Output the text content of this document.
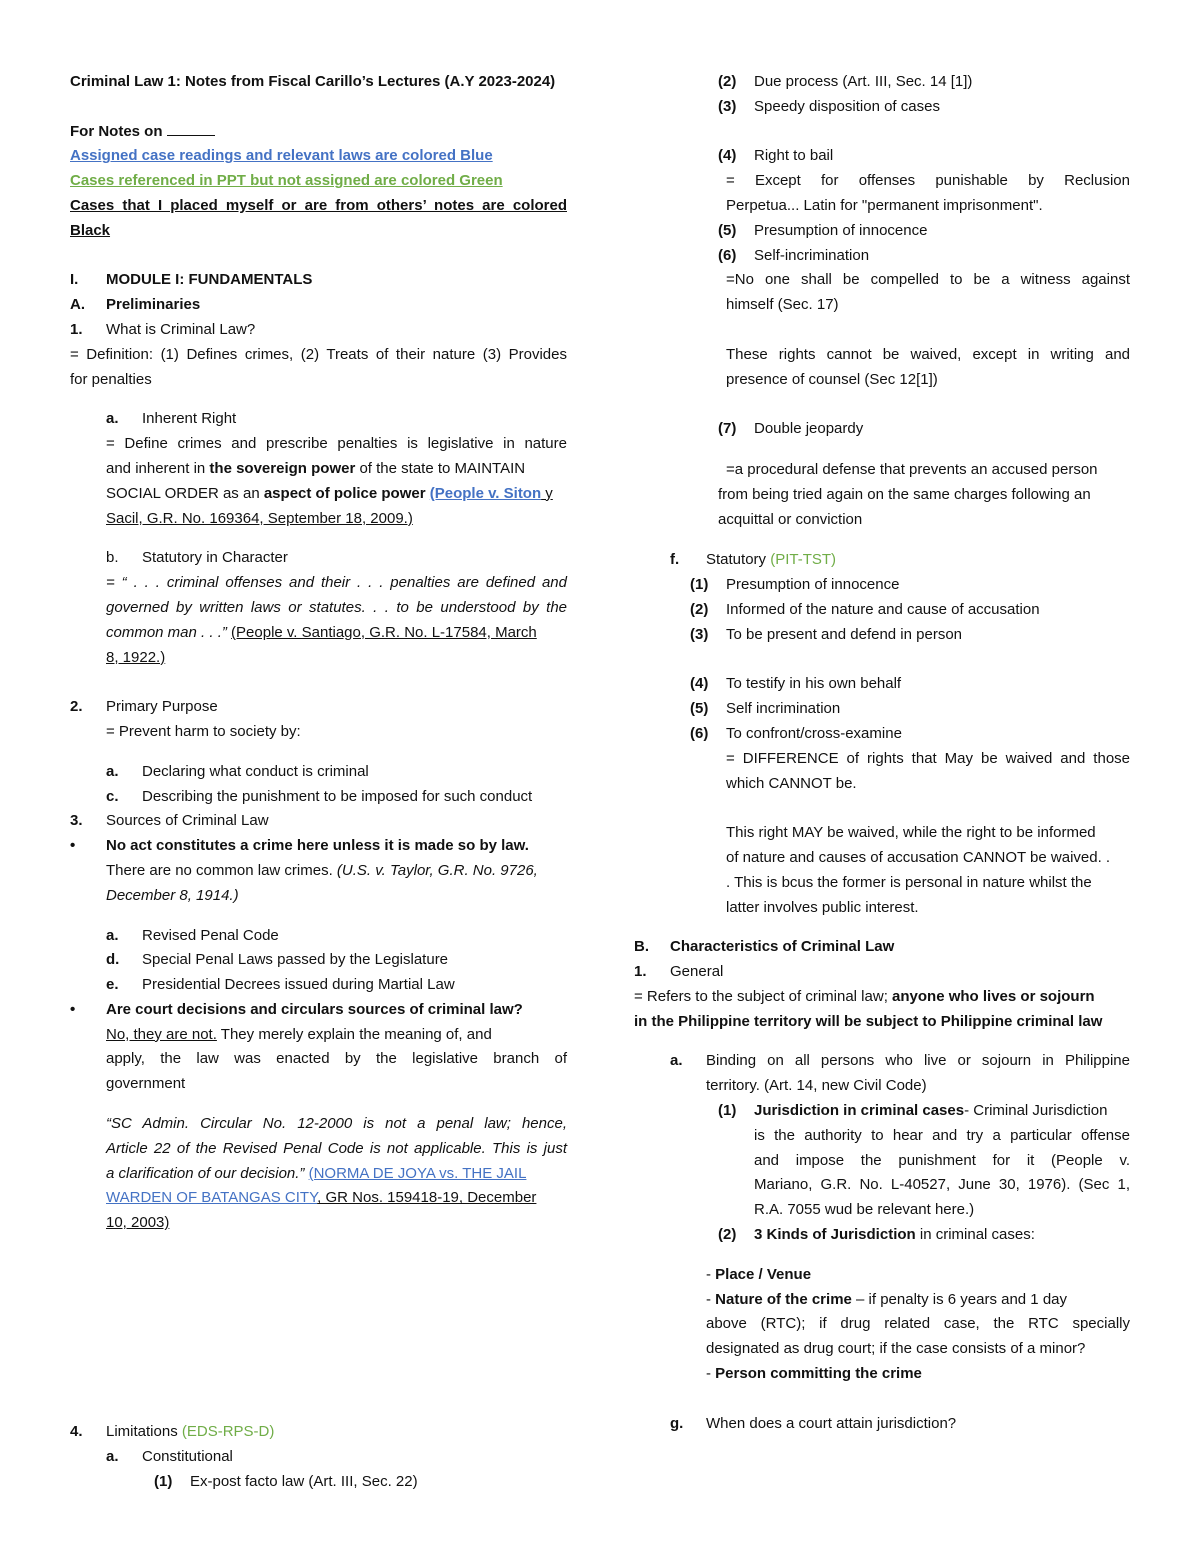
Criminal Law 1: Notes from Fiscal Carillo’s Lectures (A.Y 2023-2024)
For Notes on
Assigned case readings and relevant laws are colored Blue
Cases referenced in PPT but not assigned are colored Green
Cases that I placed myself or are from others’ notes are colored
Black
I. MODULE I: FUNDAMENTALS
A. Preliminaries
1. What is Criminal Law?
= Definition: (1) Defines crimes, (2) Treats of their nature (3) Provides
for penalties
a. Inherent Right
= Define crimes and prescribe penalties is legislative in nature
and inherent in the sovereign power of the state to MAINTAIN
SOCIAL ORDER as an aspect of police power (People v. Siton y
Sacil, G.R. No. 169364, September 18, 2009.)
b. Statutory in Character
= “ . . . criminal offenses and their . . . penalties are defined and
governed by written laws or statutes. . . to be understood by the
common man . . .” (People v. Santiago, G.R. No. L-17584, March
8, 1922.)
2. Primary Purpose
= Prevent harm to society by:
a. Declaring what conduct is criminal
c. Describing the punishment to be imposed for such conduct
3. Sources of Criminal Law
• No act constitutes a crime here unless it is made so by law.
There are no common law crimes. (U.S. v. Taylor, G.R. No. 9726,
December 8, 1914.)
a. Revised Penal Code
d. Special Penal Laws passed by the Legislature
e. Presidential Decrees issued during Martial Law
• Are court decisions and circulars sources of criminal law?
No, they are not. They merely explain the meaning of, and
apply, the law was enacted by the legislative branch of
government
“SC Admin. Circular No. 12-2000 is not a penal law; hence,
Article 22 of the Revised Penal Code is not applicable. This is just
a clarification of our decision.” (NORMA DE JOYA vs. THE JAIL
WARDEN OF BATANGAS CITY, GR Nos. 159418-19, December
10, 2003)
4. Limitations (EDS-RPS-D)
a. Constitutional
(1) Ex-post facto law (Art. III, Sec. 22)
(2) Due process (Art. III, Sec. 14 [1])
(3) Speedy disposition of cases
(4) Right to bail
= Except for offenses punishable by Reclusion
Perpetua... Latin for "permanent imprisonment".
(5) Presumption of innocence
(6) Self-incrimination
=No one shall be compelled to be a witness against
himself (Sec. 17)
These rights cannot be waived, except in writing and
presence of counsel (Sec 12[1])
(7) Double jeopardy
=a procedural defense that prevents an accused person
from being tried again on the same charges following an
acquittal or conviction
f. Statutory (PIT-TST)
(1) Presumption of innocence
(2) Informed of the nature and cause of accusation
(3) To be present and defend in person
(4) To testify in his own behalf
(5) Self incrimination
(6) To confront/cross-examine
= DIFFERENCE of rights that May be waived and those
which CANNOT be.
This right MAY be waived, while the right to be informed
of nature and causes of accusation CANNOT be waived. .
. This is bcus the former is personal in nature whilst the
latter involves public interest.
B. Characteristics of Criminal Law
1. General
= Refers to the subject of criminal law; anyone who lives or sojourn
in the Philippine territory will be subject to Philippine criminal law
a. Binding on all persons who live or sojourn in Philippine
territory. (Art. 14, new Civil Code)
(1) Jurisdiction in criminal cases- Criminal Jurisdiction
is the authority to hear and try a particular offense
and impose the punishment for it (People v.
Mariano, G.R. No. L-40527, June 30, 1976). (Sec 1,
R.A. 7055 wud be relevant here.)
(2) 3 Kinds of Jurisdiction in criminal cases:
- Place / Venue
- Nature of the crime – if penalty is 6 years and 1 day
above (RTC); if drug related case, the RTC specially
designated as drug court; if the case consists of a minor?
- Person committing the crime
g. When does a court attain jurisdiction?
